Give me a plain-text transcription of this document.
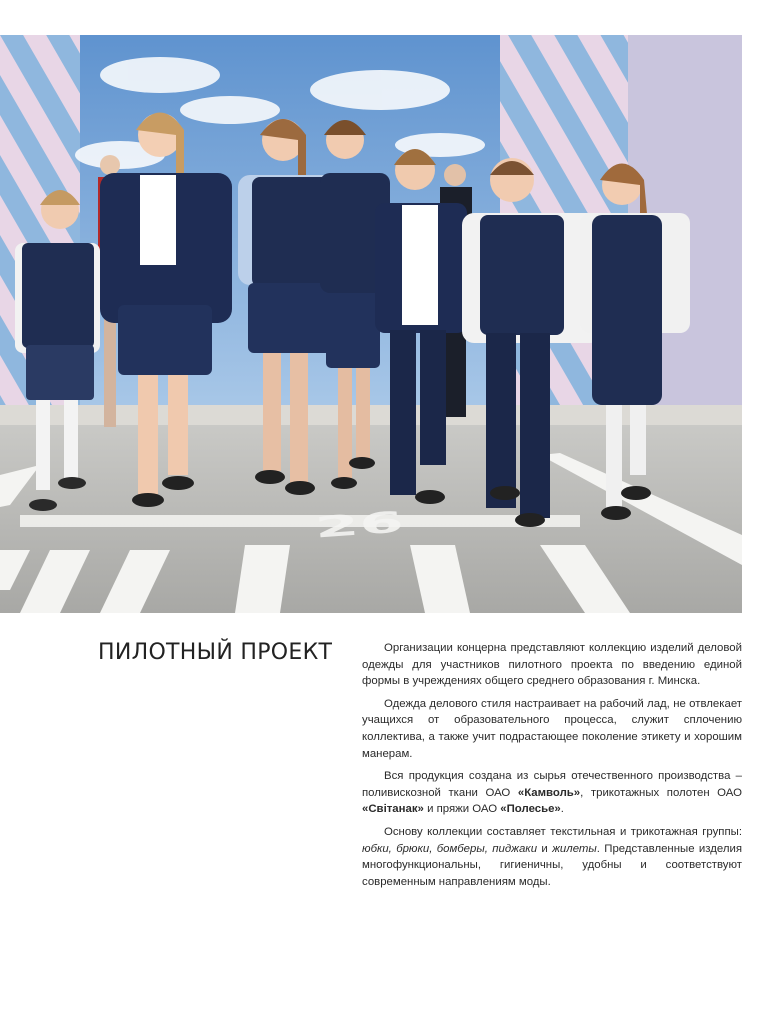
26
ПИЛОТНЫЙ ПРОЕКТ	Организации концерна представляют коллекцию изделий деловой одежды для участников пилотного проекта по введению единой формы в учреждениях общего среднего образования г. Минска.

Одежда делового стиля настраивает на рабочий лад, не отвлекает учащихся от образовательного процесса, служит сплочению коллектива, а также учит подрастающее поколение этикету и хорошим манерам.

Вся продукция создана из сырья отечественного производства – поливискозной ткани ОАО «Камволь», трикотажных полотен ОАО «Світанак» и пряжи ОАО «Полесье».

Основу коллекции составляет текстильная и трикотажная группы: юбки, брюки, бомберы, пиджаки и жилеты. Представленные изделия многофункциональны, гигиеничны, удобны и соответствуют современным направлениям моды.
